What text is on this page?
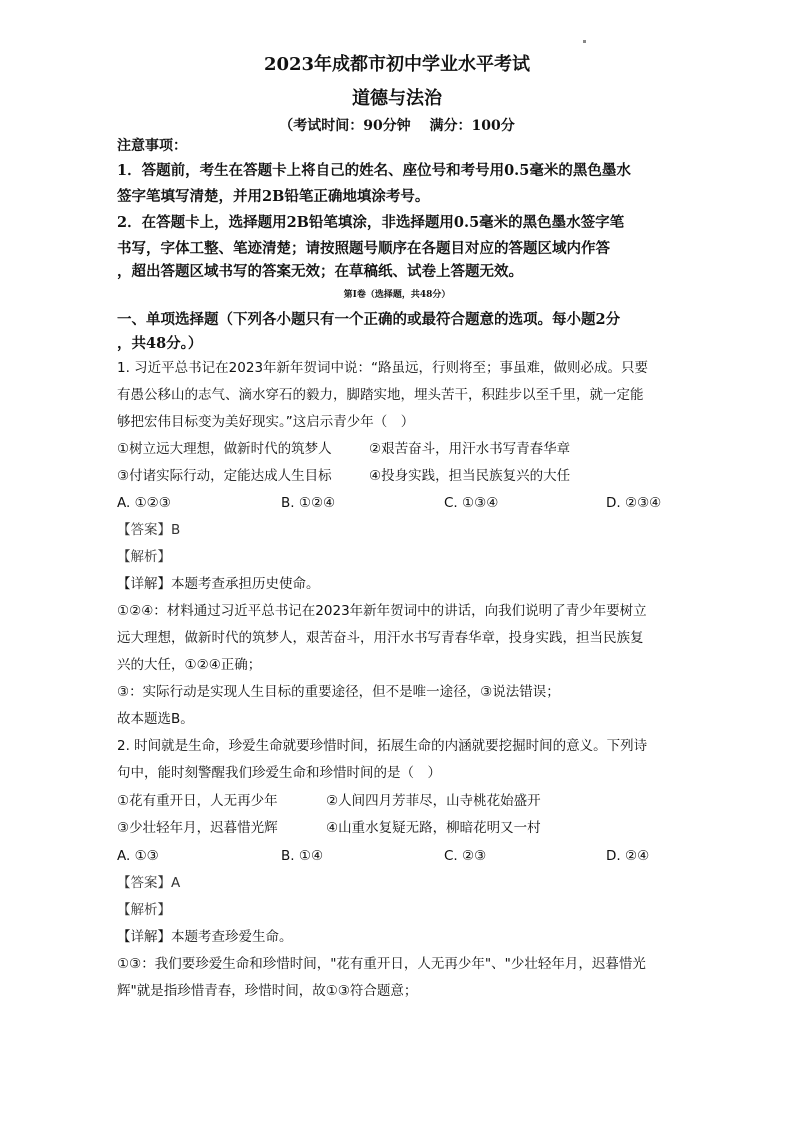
2023年成都市初中学业水平考试
道德与法治
（考试时间：90分钟　 满分：100分
注意事项：
1．答题前，考生在答题卡上将自己的姓名、座位号和考号用0.5毫米的黑色墨水
签字笔填写清楚，并用2B铅笔正确地填涂考号。
2．在答题卡上，选择题用2B铅笔填涂，非选择题用0.5毫米的黑色墨水签字笔
书写，字体工整、笔迹清楚；请按照题号顺序在各题目对应的答题区域内作答
，超出答题区域书写的答案无效；在草稿纸、试卷上答题无效。
第Ⅰ卷（选择题，共48分）
一、单项选择题（下列各小题只有一个正确的或最符合题意的选项。每小题2分
，共48分。）
1. 习近平总书记在2023年新年贺词中说：“路虽远，行则将至；事虽难，做则必成。只要
有愚公移山的志气、滴水穿石的毅力，脚踏实地，埋头苦干，积跬步以至千里，就一定能
够把宏伟目标变为美好现实。”这启示青少年（　）
①树立远大理想，做新时代的筑梦人	②艰苦奋斗，用汗水书写青春华章
③付诸实际行动，定能达成人生目标	④投身实践，担当民族复兴的大任
A. ①②③	B. ①②④	C. ①③④	D. ②③④
【答案】B
【解析】
【详解】本题考查承担历史使命。
①②④：材料通过习近平总书记在2023年新年贺词中的讲话，向我们说明了青少年要树立
远大理想，做新时代的筑梦人，艰苦奋斗，用汗水书写青春华章，投身实践，担当民族复
兴的大任，①②④正确；
③：实际行动是实现人生目标的重要途径，但不是唯一途径，③说法错误；
故本题选B。
2. 时间就是生命，珍爱生命就要珍惜时间，拓展生命的内涵就要挖掘时间的意义。下列诗
句中，能时刻警醒我们珍爱生命和珍惜时间的是（　）
①花有重开日，人无再少年	②人间四月芳菲尽，山寺桃花始盛开
③少壮轻年月，迟暮惜光辉	④山重水复疑无路，柳暗花明又一村
A. ①③	B. ①④	C. ②③	D. ②④
【答案】A
【解析】
【详解】本题考查珍爱生命。
①③：我们要珍爱生命和珍惜时间，"花有重开日，人无再少年"、"少壮轻年月，迟暮惜光
辉"就是指珍惜青春，珍惜时间，故①③符合题意；
